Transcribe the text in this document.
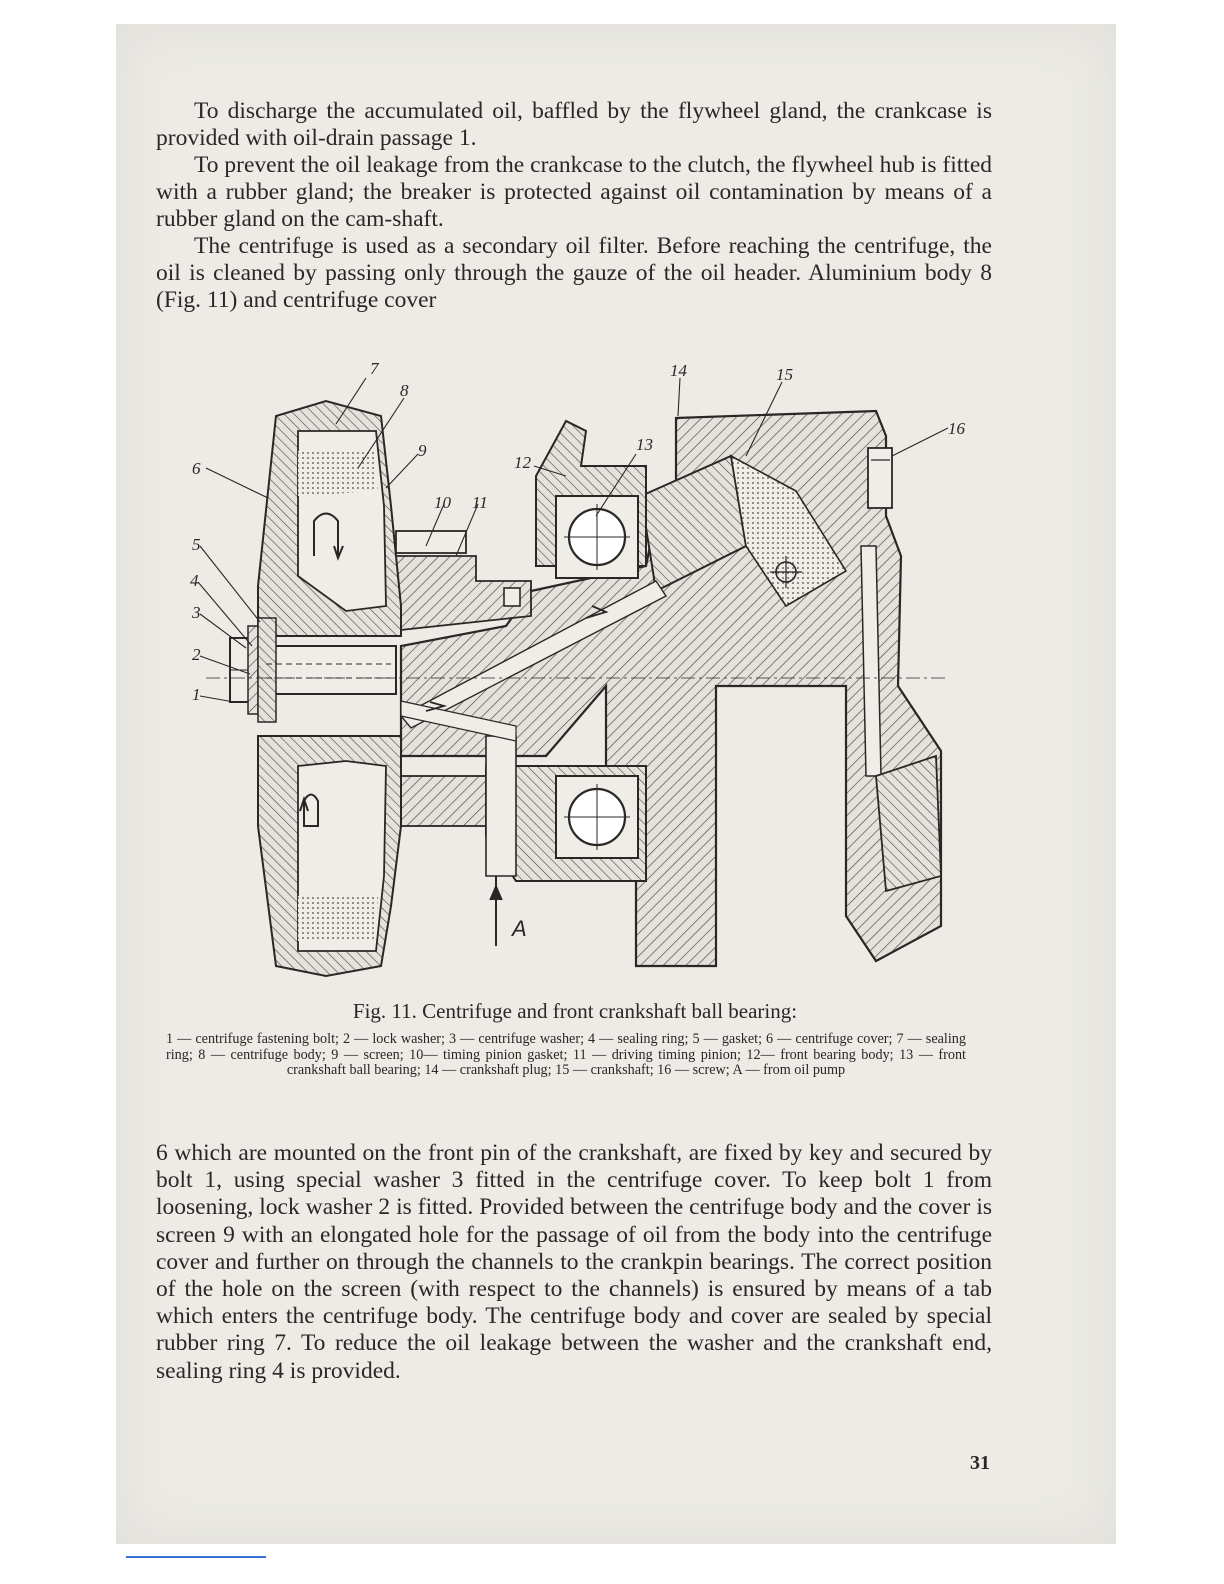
To discharge the accumulated oil, baffled by the flywheel gland, the crankcase is provided with oil-drain passage 1.

To prevent the oil leakage from the crankcase to the clutch, the flywheel hub is fitted with a rubber gland; the breaker is protected against oil contamination by means of a rubber gland on the cam-shaft.

The centrifuge is used as a secondary oil filter. Before reaching the centrifuge, the oil is cleaned by passing only through the gauze of the oil header. Aluminium body 8 (Fig. 11) and centrifuge cover

7
8
9
10 11
12
13
14	15
16
6
5
4
3
2
1
A
Fig. 11. Centrifuge and front crankshaft ball bearing:
1 — centrifuge fastening bolt; 2 — lock washer; 3 — centrifuge washer; 4 — sealing ring; 5 — gasket; 6 — centrifuge cover; 7 — sealing ring; 8 — centrifuge body; 9 — screen; 10— timing pinion gasket; 11 — driving timing pinion; 12— front bearing body; 13 — front crankshaft ball bearing; 14 — crankshaft plug; 15 — crankshaft; 16 — screw; A — from oil pump

6 which are mounted on the front pin of the crankshaft, are fixed by key and secured by bolt 1, using special washer 3 fitted in the centrifuge cover. To keep bolt 1 from loosening, lock washer 2 is fitted. Provided between the centrifuge body and the cover is screen 9 with an elongated hole for the passage of oil from the body into the centrifuge cover and further on through the channels to the crankpin bearings. The correct position of the hole on the screen (with respect to the channels) is ensured by means of a tab which enters the centrifuge body. The centrifuge body and cover are sealed by special rubber ring 7. To reduce the oil leakage between the washer and the crankshaft end, sealing ring 4 is provided.

31
